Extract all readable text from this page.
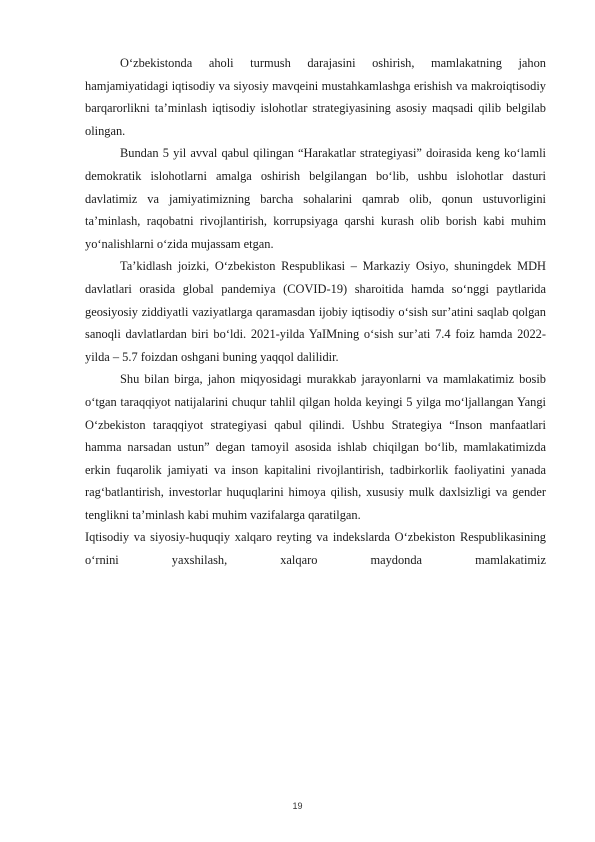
O‘zbekistonda aholi turmush darajasini oshirish, mamlakatning jahon hamjamiyatidagi iqtisodiy va siyosiy mavqeini mustahkamlashga erishish va makroiqtisodiy barqarorlikni ta’minlash iqtisodiy islohotlar strategiyasining asosiy maqsadi qilib belgilab olingan.

Bundan 5 yil avval qabul qilingan “Harakatlar strategiyasi” doirasida keng ko‘lamli demokratik islohotlarni amalga oshirish belgilangan bo‘lib, ushbu islohotlar dasturi davlatimiz va jamiyatimizning barcha sohalarini qamrab olib, qonun ustuvorligini ta’minlash, raqobatni rivojlantirish, korrupsiyaga qarshi kurash olib borish kabi muhim yo‘nalishlarni o‘zida mujassam etgan.

Ta’kidlash joizki, O‘zbekiston Respublikasi – Markaziy Osiyo, shuningdek MDH davlatlari orasida global pandemiya (COVID-19) sharoitida hamda so‘nggi paytlarida geosiyosiy ziddiyatli vaziyatlarga qaramasdan ijobiy iqtisodiy o‘sish sur’atini saqlab qolgan sanoqli davlatlardan biri bo‘ldi. 2021-yilda YaIMning o‘sish sur’ati 7.4 foiz hamda 2022-yilda – 5.7 foizdan oshgani buning yaqqol dalilidir.

Shu bilan birga, jahon miqyosidagi murakkab jarayonlarni va mamlakatimiz bosib o‘tgan taraqqiyot natijalarini chuqur tahlil qilgan holda keyingi 5 yilga mo‘ljallangan Yangi O‘zbekiston taraqqiyot strategiyasi qabul qilindi. Ushbu Strategiya “Inson manfaatlari hamma narsadan ustun” degan tamoyil asosida ishlab chiqilgan bo‘lib, mamlakatimizda erkin fuqarolik jamiyati va inson kapitalini rivojlantirish, tadbirkorlik faoliyatini yanada rag‘batlantirish, investorlar huquqlarini himoya qilish, xususiy mulk daxlsizligi va gender tenglikni ta’minlash kabi muhim vazifalarga qaratilgan.

Iqtisodiy va siyosiy-huquqiy xalqaro reyting va indekslarda O‘zbekiston Respublikasining o‘rnini yaxshilash, xalqaro maydonda mamlakatimiz

19
